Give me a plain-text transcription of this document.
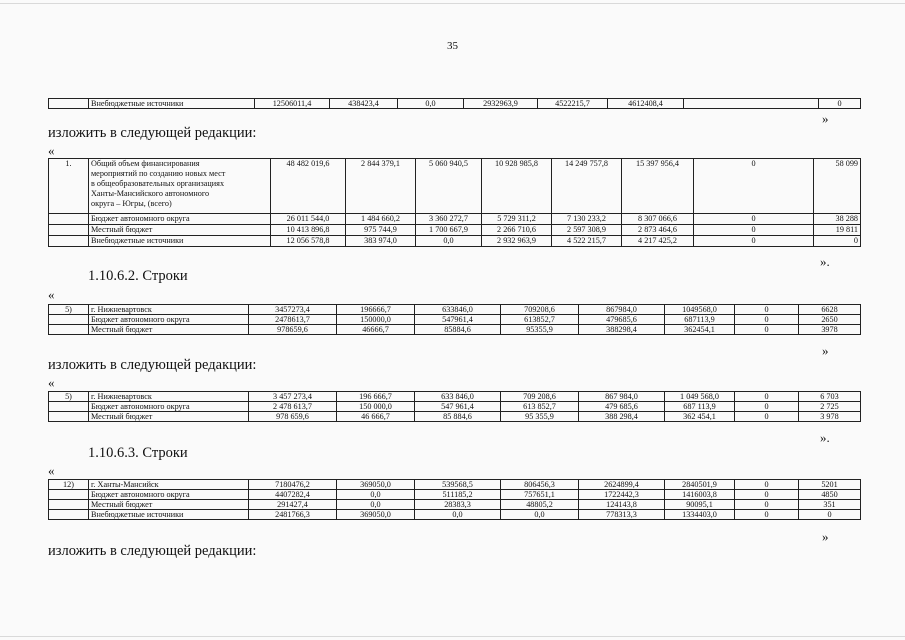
35
	Внебюджетные источники	12506011,4	438423,4	0,0	2932963,9	4522215,7	4612408,4		0
»
изложить в следующей редакции:
«
1.	Общий объем финансирования
мероприятий по созданию новых мест
в общеобразовательных организациях
Ханты-Мансийского автономного
округа – Югры, (всего)	48 482 019,6	2 844 379,1	5 060 940,5	10 928 985,8	14 249 757,8	15 397 956,4	0	58 099
	Бюджет автономного округа	26 011 544,0	1 484 660,2	3 360 272,7	5 729 311,2	7 130 233,2	8 307 066,6	0	38 288
	Местный бюджет	10 413 896,8	975 744,9	1 700 667,9	2 266 710,6	2 597 308,9	2 873 464,6	0	19 811
	Внебюджетные источники	12 056 578,8	383 974,0	0,0	2 932 963,9	4 522 215,7	4 217 425,2	0	0
».
1.10.6.2. Строки
«
5)	г. Нижневартовск	3457273,4	196666,7	633846,0	709208,6	867984,0	1049568,0	0	6628
	Бюджет автономного округа	2478613,7	150000,0	547961,4	613852,7	479685,6	687113,9	0	2650
	Местный бюджет	978659,6	46666,7	85884,6	95355,9	388298,4	362454,1	0	3978
»
изложить в следующей редакции:
«
5)	г. Нижневартовск	3 457 273,4	196 666,7	633 846,0	709 208,6	867 984,0	1 049 568,0	0	6 703
	Бюджет автономного округа	2 478 613,7	150 000,0	547 961,4	613 852,7	479 685,6	687 113,9	0	2 725
	Местный бюджет	978 659,6	46 666,7	85 884,6	95 355,9	388 298,4	362 454,1	0	3 978
».
1.10.6.3. Строки
«
12)	г. Ханты-Мансийск	7180476,2	369050,0	539568,5	806456,3	2624899,4	2840501,9	0	5201
	Бюджет автономного округа	4407282,4	0,0	511185,2	757651,1	1722442,3	1416003,8	0	4850
	Местный бюджет	291427,4	0,0	28383,3	48805,2	124143,8	90095,1	0	351
	Внебюджетные источники	2481766,3	369050,0	0,0	0,0	778313,3	1334403,0	0	0
»
изложить в следующей редакции:
